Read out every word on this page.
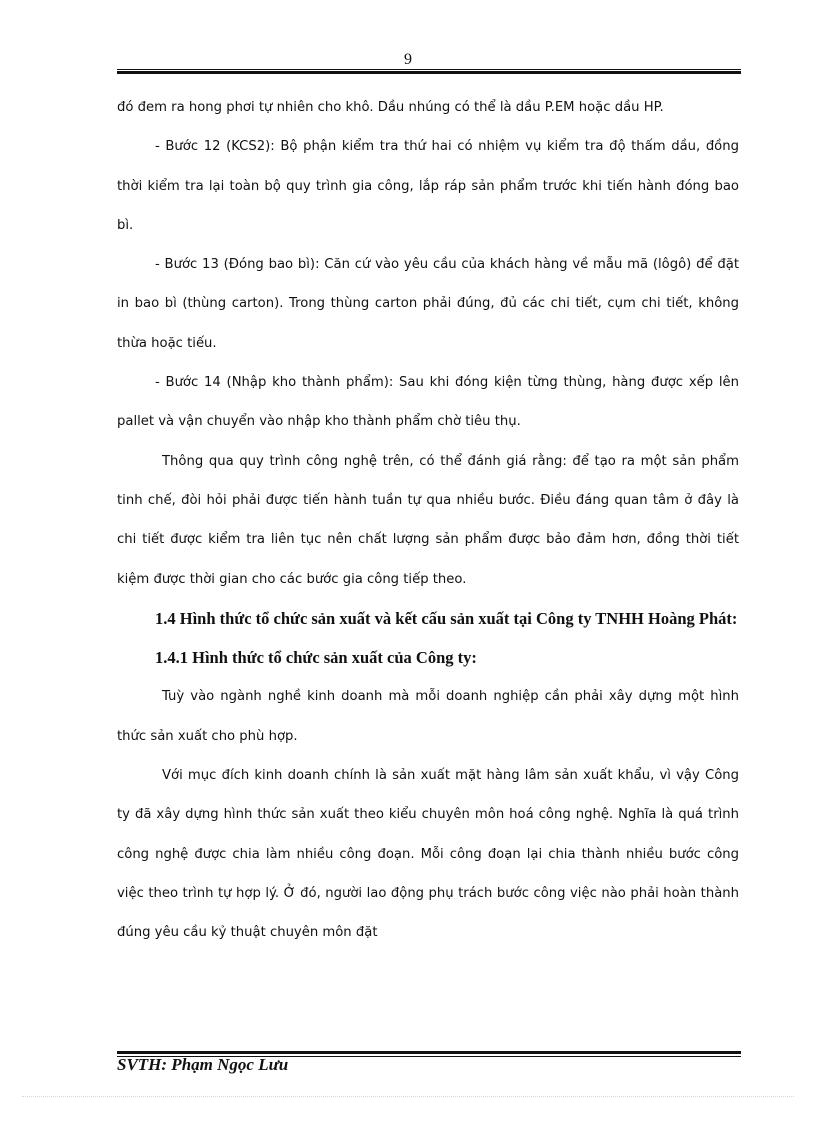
9

đó đem ra hong phơi tự nhiên cho khô. Dầu nhúng có thể là dầu P.EM hoặc dầu HP.

- Bước 12 (KCS2): Bộ phận kiểm tra thứ hai có nhiệm vụ kiểm tra độ thấm dầu, đồng thời kiểm tra lại toàn bộ quy trình gia công, lắp ráp sản phẩm trước khi tiến hành đóng bao bì.

- Bước 13 (Đóng bao bì): Căn cứ vào yêu cầu của khách hàng về mẫu mã (lôgô) để đặt in bao bì (thùng carton). Trong thùng carton phải đúng, đủ các chi tiết, cụm chi tiết, không thừa hoặc tiếu.

- Bước 14 (Nhập kho thành phẩm): Sau khi đóng kiện từng thùng, hàng được xếp lên pallet và vận chuyển vào nhập kho thành phẩm chờ tiêu thụ.

Thông qua quy trình công nghệ trên, có thể đánh giá rằng: để tạo ra một sản phẩm tinh chế, đòi hỏi phải được tiến hành tuần tự qua nhiều bước. Điều đáng quan tâm ở đây là chi tiết được kiểm tra liên tục nên chất lượng sản phẩm được bảo đảm hơn, đồng thời tiết kiệm được thời gian cho các bước gia công tiếp theo.

1.4 Hình thức tổ chức sản xuất và kết cấu sản xuất tại Công ty TNHH Hoàng Phát:

1.4.1 Hình thức tổ chức sản xuất của Công ty:

Tuỳ vào ngành nghề kinh doanh mà mỗi doanh nghiệp cần phải xây dựng một hình thức sản xuất cho phù hợp.

Với mục đích kinh doanh chính là sản xuất mặt hàng lâm sản xuất khẩu, vì vậy Công ty đã xây dựng hình thức sản xuất theo kiểu chuyên môn hoá công nghệ. Nghĩa là quá trình công nghệ được chia làm nhiều công đoạn. Mỗi công đoạn lại chia thành nhiều bước công việc theo trình tự hợp lý. Ở đó, người lao động phụ trách bước công việc nào phải hoàn thành đúng yêu cầu kỷ thuật chuyên môn đặt

SVTH: Phạm Ngọc Lưu
